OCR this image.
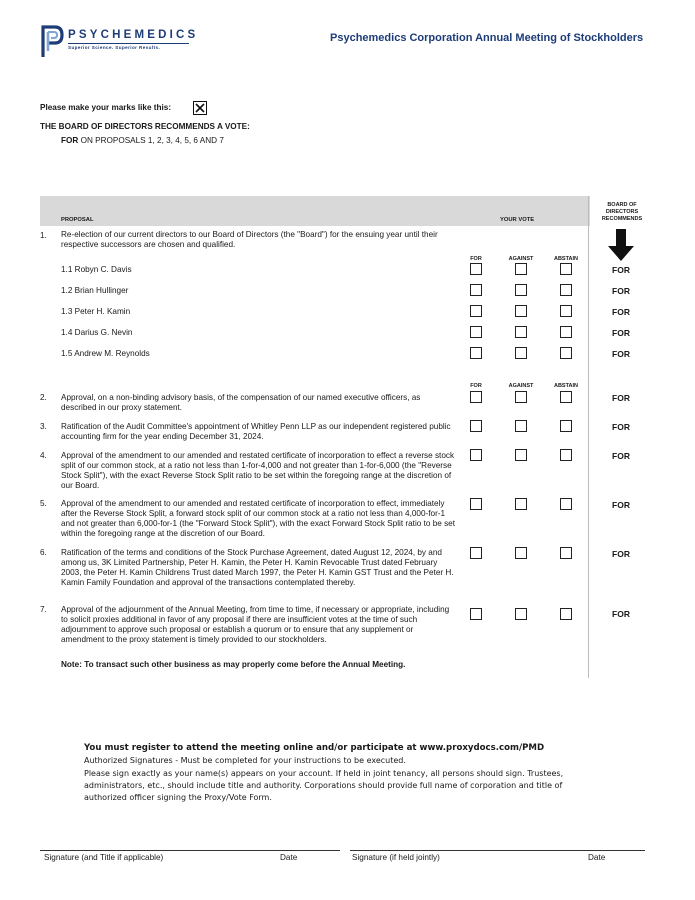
PSYCHEMEDICS
Superior Science. Superior Results.
Psychemedics Corporation Annual Meeting of Stockholders
Please make your marks like this:
THE BOARD OF DIRECTORS RECOMMENDS A VOTE:
FOR ON PROPOSALS 1, 2, 3, 4, 5, 6 AND 7
PROPOSAL	YOUR VOTE
BOARD OF DIRECTORS RECOMMENDS
1. Re-election of our current directors to our Board of Directors (the "Board") for the ensuing year until their respective successors are chosen and qualified.
FOR	AGAINST	ABSTAIN
1.1 Robyn C. Davis	FOR
1.2 Brian Hullinger	FOR
1.3 Peter H. Kamin	FOR
1.4 Darius G. Nevin	FOR
1.5 Andrew M. Reynolds	FOR
FOR	AGAINST	ABSTAIN
2. Approval, on a non-binding advisory basis, of the compensation of our named executive officers, as described in our proxy statement.
FOR
3. Ratification of the Audit Committee's appointment of Whitley Penn LLP as our independent registered public accounting firm for the year ending December 31, 2024.
FOR
4. Approval of the amendment to our amended and restated certificate of incorporation to effect a reverse stock split of our common stock, at a ratio not less than 1-for-4,000 and not greater than 1-for-6,000 (the "Reverse Stock Split"), with the exact Reverse Stock Split ratio to be set within the foregoing range at the discretion of our Board.
FOR
5. Approval of the amendment to our amended and restated certificate of incorporation to effect, immediately after the Reverse Stock Split, a forward stock split of our common stock at a ratio not less than 4,000-for-1 and not greater than 6,000-for-1 (the "Forward Stock Split"), with the exact Forward Stock Split ratio to be set within the foregoing range at the discretion of our Board.
FOR
6. Ratification of the terms and conditions of the Stock Purchase Agreement, dated August 12, 2024, by and among us, 3K Limited Partnership, Peter H. Kamin, the Peter H. Kamin Revocable Trust dated February 2003, the Peter H. Kamin Childrens Trust dated March 1997, the Peter H. Kamin GST Trust and the Peter H. Kamin Family Foundation and approval of the transactions contemplated thereby.
FOR
7. Approval of the adjournment of the Annual Meeting, from time to time, if necessary or appropriate, including to solicit proxies additional in favor of any proposal if there are insufficient votes at the time of such adjournment to approve such proposal or establish a quorum or to ensure that any supplement or amendment to the proxy statement is timely provided to our stockholders.
FOR
Note: To transact such other business as may properly come before the Annual Meeting.
You must register to attend the meeting online and/or participate at www.proxydocs.com/PMD
Authorized Signatures - Must be completed for your instructions to be executed.
Please sign exactly as your name(s) appears on your account. If held in joint tenancy, all persons should sign. Trustees, administrators, etc., should include title and authority. Corporations should provide full name of corporation and title of authorized officer signing the Proxy/Vote Form.
Signature (and Title if applicable)	Date	Signature (if held jointly)	Date
